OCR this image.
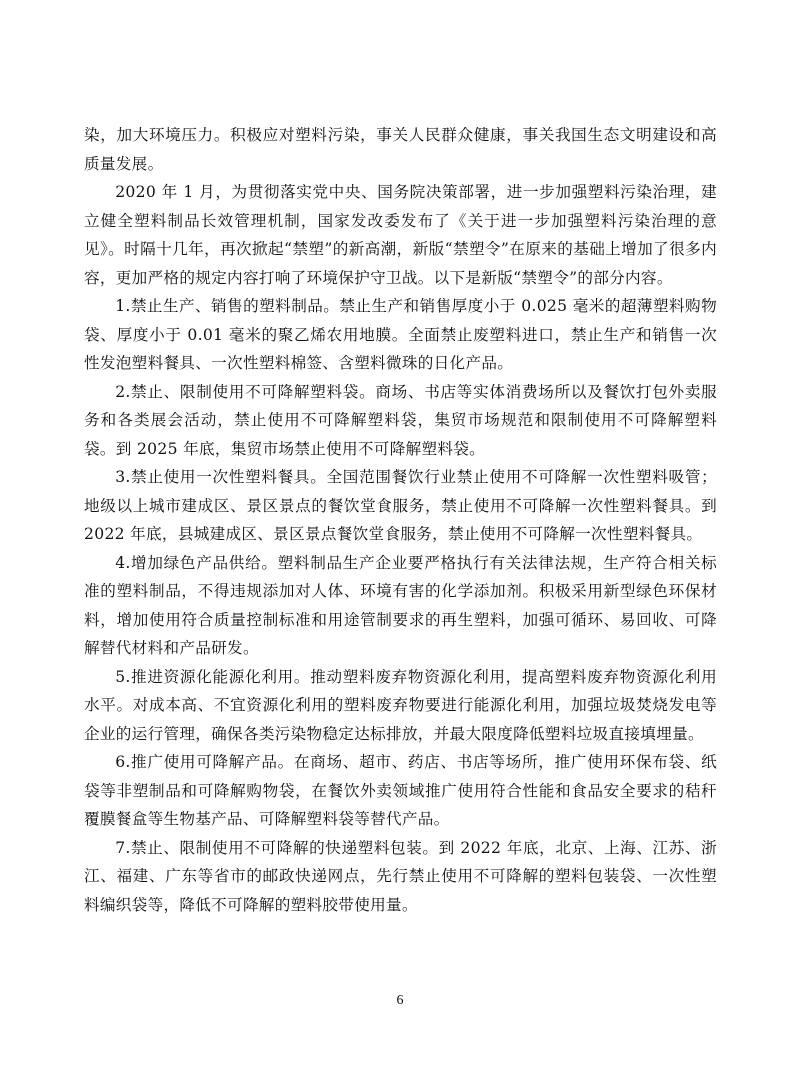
染，加大环境压力。积极应对塑料污染，事关人民群众健康，事关我国生态文明建设和高质量发展。

2020 年 1 月，为贯彻落实党中央、国务院决策部署，进一步加强塑料污染治理，建立健全塑料制品长效管理机制，国家发改委发布了《关于进一步加强塑料污染治理的意见》。时隔十几年，再次掀起“禁塑”的新高潮，新版“禁塑令”在原来的基础上增加了很多内容，更加严格的规定内容打响了环境保护守卫战。以下是新版“禁塑令”的部分内容。

1.禁止生产、销售的塑料制品。禁止生产和销售厚度小于 0.025 毫米的超薄塑料购物袋、厚度小于 0.01 毫米的聚乙烯农用地膜。全面禁止废塑料进口，禁止生产和销售一次性发泡塑料餐具、一次性塑料棉签、含塑料微珠的日化产品。

2.禁止、限制使用不可降解塑料袋。商场、书店等实体消费场所以及餐饮打包外卖服务和各类展会活动，禁止使用不可降解塑料袋，集贸市场规范和限制使用不可降解塑料袋。到 2025 年底，集贸市场禁止使用不可降解塑料袋。

3.禁止使用一次性塑料餐具。全国范围餐饮行业禁止使用不可降解一次性塑料吸管；地级以上城市建成区、景区景点的餐饮堂食服务，禁止使用不可降解一次性塑料餐具。到 2022 年底，县城建成区、景区景点餐饮堂食服务，禁止使用不可降解一次性塑料餐具。

4.增加绿色产品供给。塑料制品生产企业要严格执行有关法律法规，生产符合相关标准的塑料制品，不得违规添加对人体、环境有害的化学添加剂。积极采用新型绿色环保材料，增加使用符合质量控制标准和用途管制要求的再生塑料，加强可循环、易回收、可降解替代材料和产品研发。

5.推进资源化能源化利用。推动塑料废弃物资源化利用，提高塑料废弃物资源化利用水平。对成本高、不宜资源化利用的塑料废弃物要进行能源化利用，加强垃圾焚烧发电等企业的运行管理，确保各类污染物稳定达标排放，并最大限度降低塑料垃圾直接填埋量。

6.推广使用可降解产品。在商场、超市、药店、书店等场所，推广使用环保布袋、纸袋等非塑制品和可降解购物袋，在餐饮外卖领域推广使用符合性能和食品安全要求的秸秆覆膜餐盒等生物基产品、可降解塑料袋等替代产品。

7.禁止、限制使用不可降解的快递塑料包装。到 2022 年底，北京、上海、江苏、浙江、福建、广东等省市的邮政快递网点，先行禁止使用不可降解的塑料包装袋、一次性塑料编织袋等，降低不可降解的塑料胶带使用量。

6
